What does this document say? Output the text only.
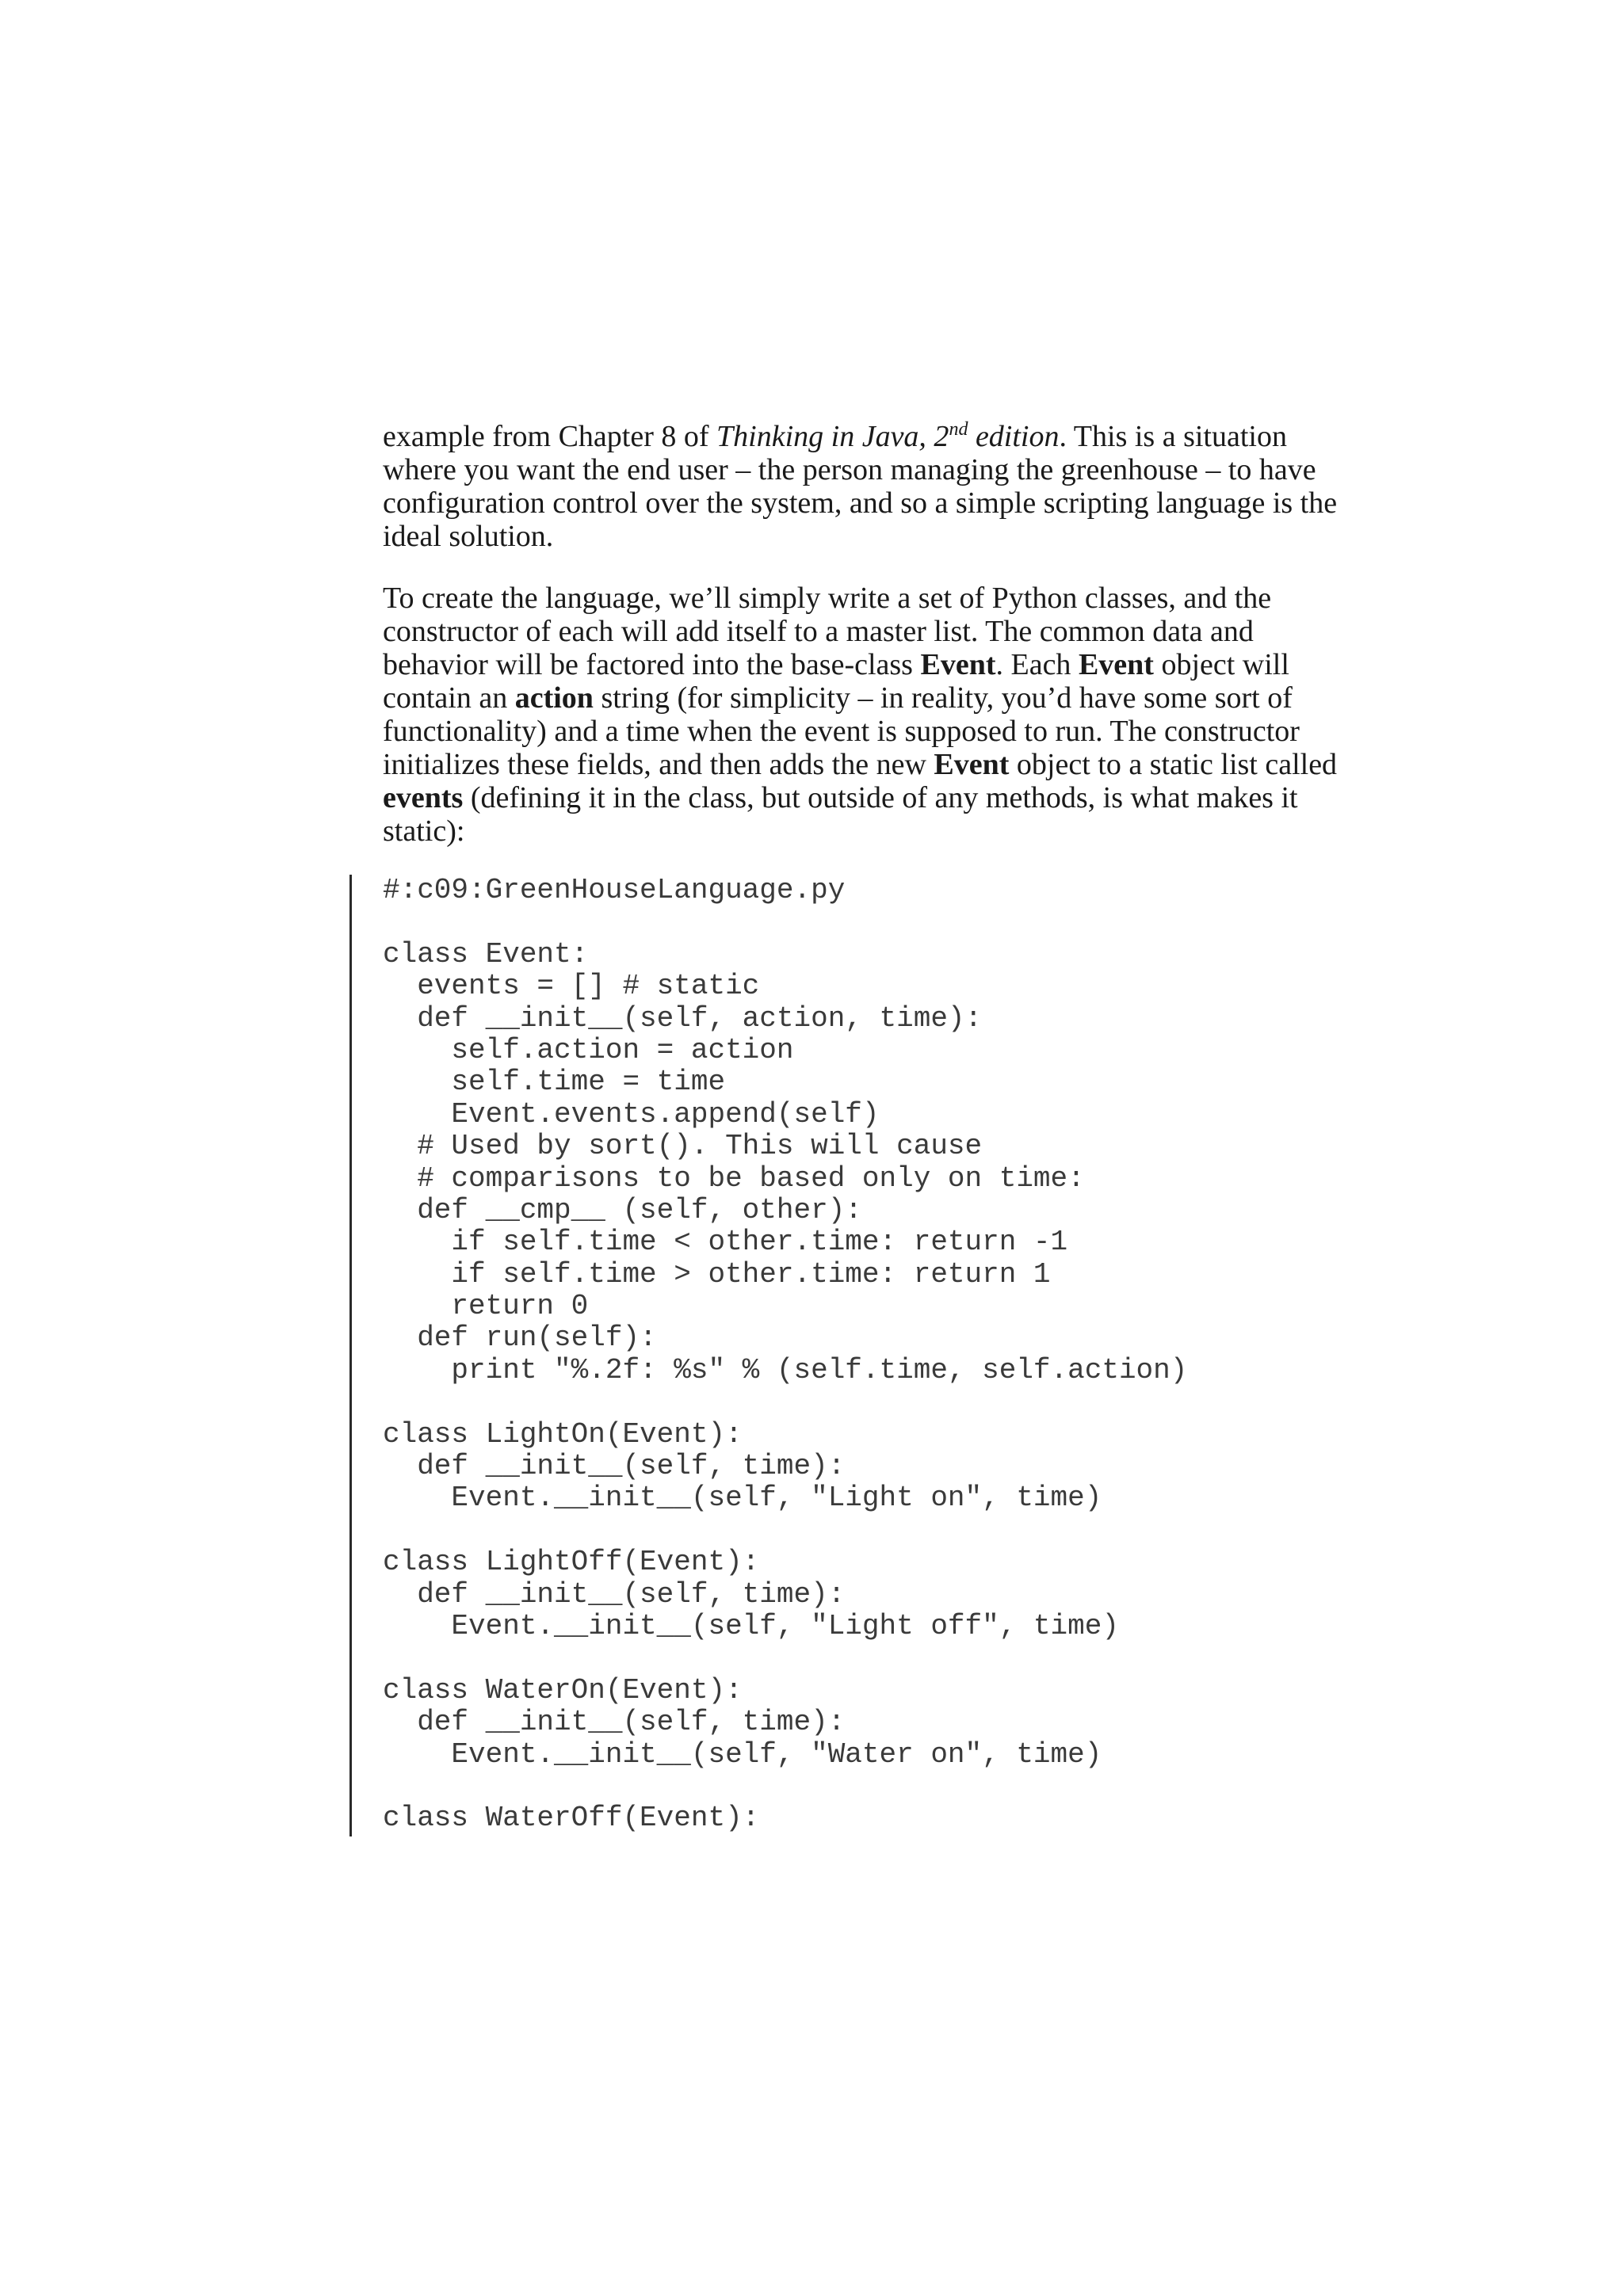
example from Chapter 8 of Thinking in Java, 2nd edition. This is a situation where you want the end user – the person managing the greenhouse – to have configuration control over the system, and so a simple scripting language is the ideal solution.

To create the language, we’ll simply write a set of Python classes, and the constructor of each will add itself to a master list. The common data and behavior will be factored into the base-class Event. Each Event object will contain an action string (for simplicity – in reality, you’d have some sort of functionality) and a time when the event is supposed to run. The constructor initializes these fields, and then adds the new Event object to a static list called events (defining it in the class, but outside of any methods, is what makes it static):

#:c09:GreenHouseLanguage.py

class Event:
events = [] # static
def __init__(self, action, time):
self.action = action
self.time = time
Event.events.append(self)
# Used by sort(). This will cause
# comparisons to be based only on time:
def __cmp__ (self, other):
if self.time < other.time: return -1
if self.time > other.time: return 1
return 0
def run(self):
print "%.2f: %s" % (self.time, self.action)

class LightOn(Event):
def __init__(self, time):
Event.__init__(self, "Light on", time)

class LightOff(Event):
def __init__(self, time):
Event.__init__(self, "Light off", time)

class WaterOn(Event):
def __init__(self, time):
Event.__init__(self, "Water on", time)

class WaterOff(Event):
